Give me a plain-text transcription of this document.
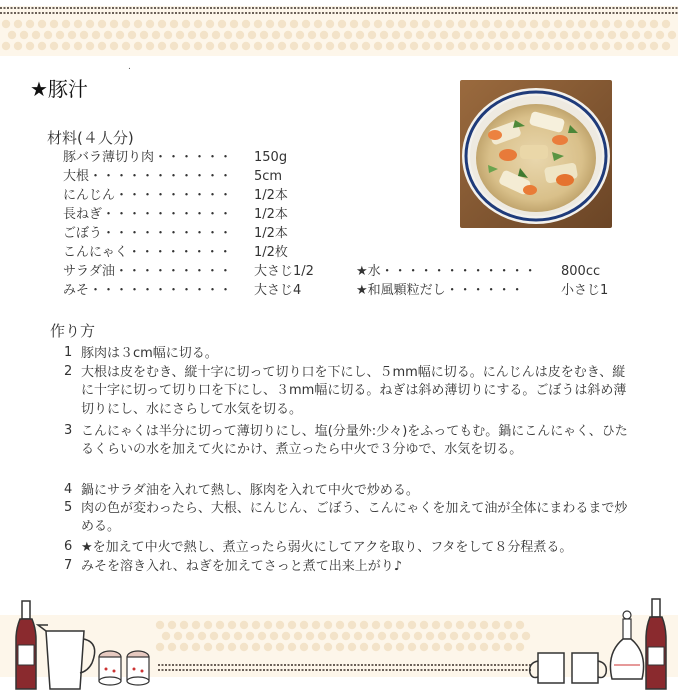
.
★豚汁
材料(４人分)
豚バラ薄切り肉・・・・・・ 150g
大根・・・・・・・・・・・ 5cm
にんじん・・・・・・・・・ 1/2本
長ねぎ・・・・・・・・・・ 1/2本
ごぼう・・・・・・・・・・ 1/2本
こんにゃく・・・・・・・・ 1/2枚
サラダ油・・・・・・・・・ 大さじ1/2
みそ・・・・・・・・・・・ 大さじ4
★水・・・・・・・・・・・・ 800cc
★和風顆粒だし・・・・・・	小さじ1
作り方
1 豚肉は３cm幅に切る。
2 大根は皮をむき、縦十字に切って切り口を下にし、５mm幅に切る。にんじんは皮をむき、縦に十字に切って切り口を下にし、３mm幅に切る。ねぎは斜め薄切りにする。ごぼうは斜め薄切りにし、水にさらして水気を切る。
3 こんにゃくは半分に切って薄切りにし、塩(分量外:少々)をふってもむ。鍋にこんにゃく、ひたるくらいの水を加えて火にかけ、煮立ったら中火で３分ゆで、水気を切る。
4 鍋にサラダ油を入れて熱し、豚肉を入れて中火で炒める。
5 肉の色が変わったら、大根、にんじん、ごぼう、こんにゃくを加えて油が全体にまわるまで炒める。
6 ★を加えて中火で熱し、煮立ったら弱火にしてアクを取り、フタをして８分程煮る。
7 みそを溶き入れ、ねぎを加えてさっと煮て出来上がり♪
